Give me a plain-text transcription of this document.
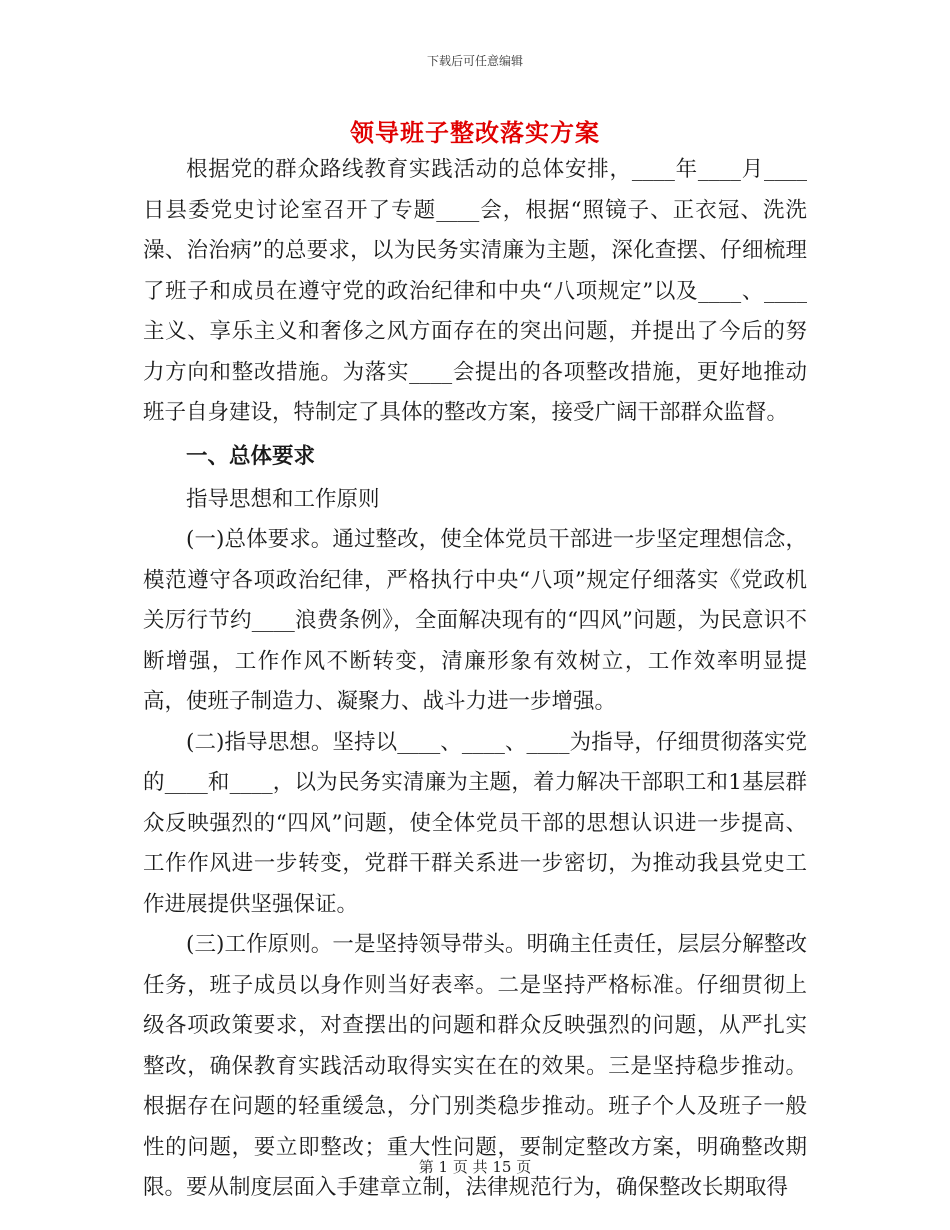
下载后可任意编辑
领导班子整改落实方案

根据党的群众路线教育实践活动的总体安排，____年____月____日县委党史讨论室召开了专题____会，根据“照镜子、正衣冠、洗洗澡、治治病”的总要求，以为民务实清廉为主题，深化查摆、仔细梳理了班子和成员在遵守党的政治纪律和中央“八项规定”以及____、____主义、享乐主义和奢侈之风方面存在的突出问题，并提出了今后的努力方向和整改措施。为落实____会提出的各项整改措施，更好地推动班子自身建设，特制定了具体的整改方案，接受广阔干部群众监督。

一、总体要求

指导思想和工作原则

(一)总体要求。通过整改，使全体党员干部进一步坚定理想信念，模范遵守各项政治纪律，严格执行中央“八项”规定仔细落实《党政机关厉行节约____浪费条例》，全面解决现有的“四风”问题，为民意识不断增强，工作作风不断转变，清廉形象有效树立，工作效率明显提高，使班子制造力、凝聚力、战斗力进一步增强。

(二)指导思想。坚持以____、____、____为指导，仔细贯彻落实党的____和____，以为民务实清廉为主题，着力解决干部职工和1基层群众反映强烈的“四风”问题，使全体党员干部的思想认识进一步提高、工作作风进一步转变，党群干群关系进一步密切，为推动我县党史工作进展提供坚强保证。

(三)工作原则。一是坚持领导带头。明确主任责任，层层分解整改任务，班子成员以身作则当好表率。二是坚持严格标准。仔细贯彻上级各项政策要求，对查摆出的问题和群众反映强烈的问题，从严扎实整改，确保教育实践活动取得实实在在的效果。三是坚持稳步推动。根据存在问题的轻重缓急，分门别类稳步推动。班子个人及班子一般性的问题，要立即整改；重大性问题，要制定整改方案，明确整改期限。要从制度层面入手建章立制，法律规范行为，确保整改长期取得

第 1 页 共 15 页
